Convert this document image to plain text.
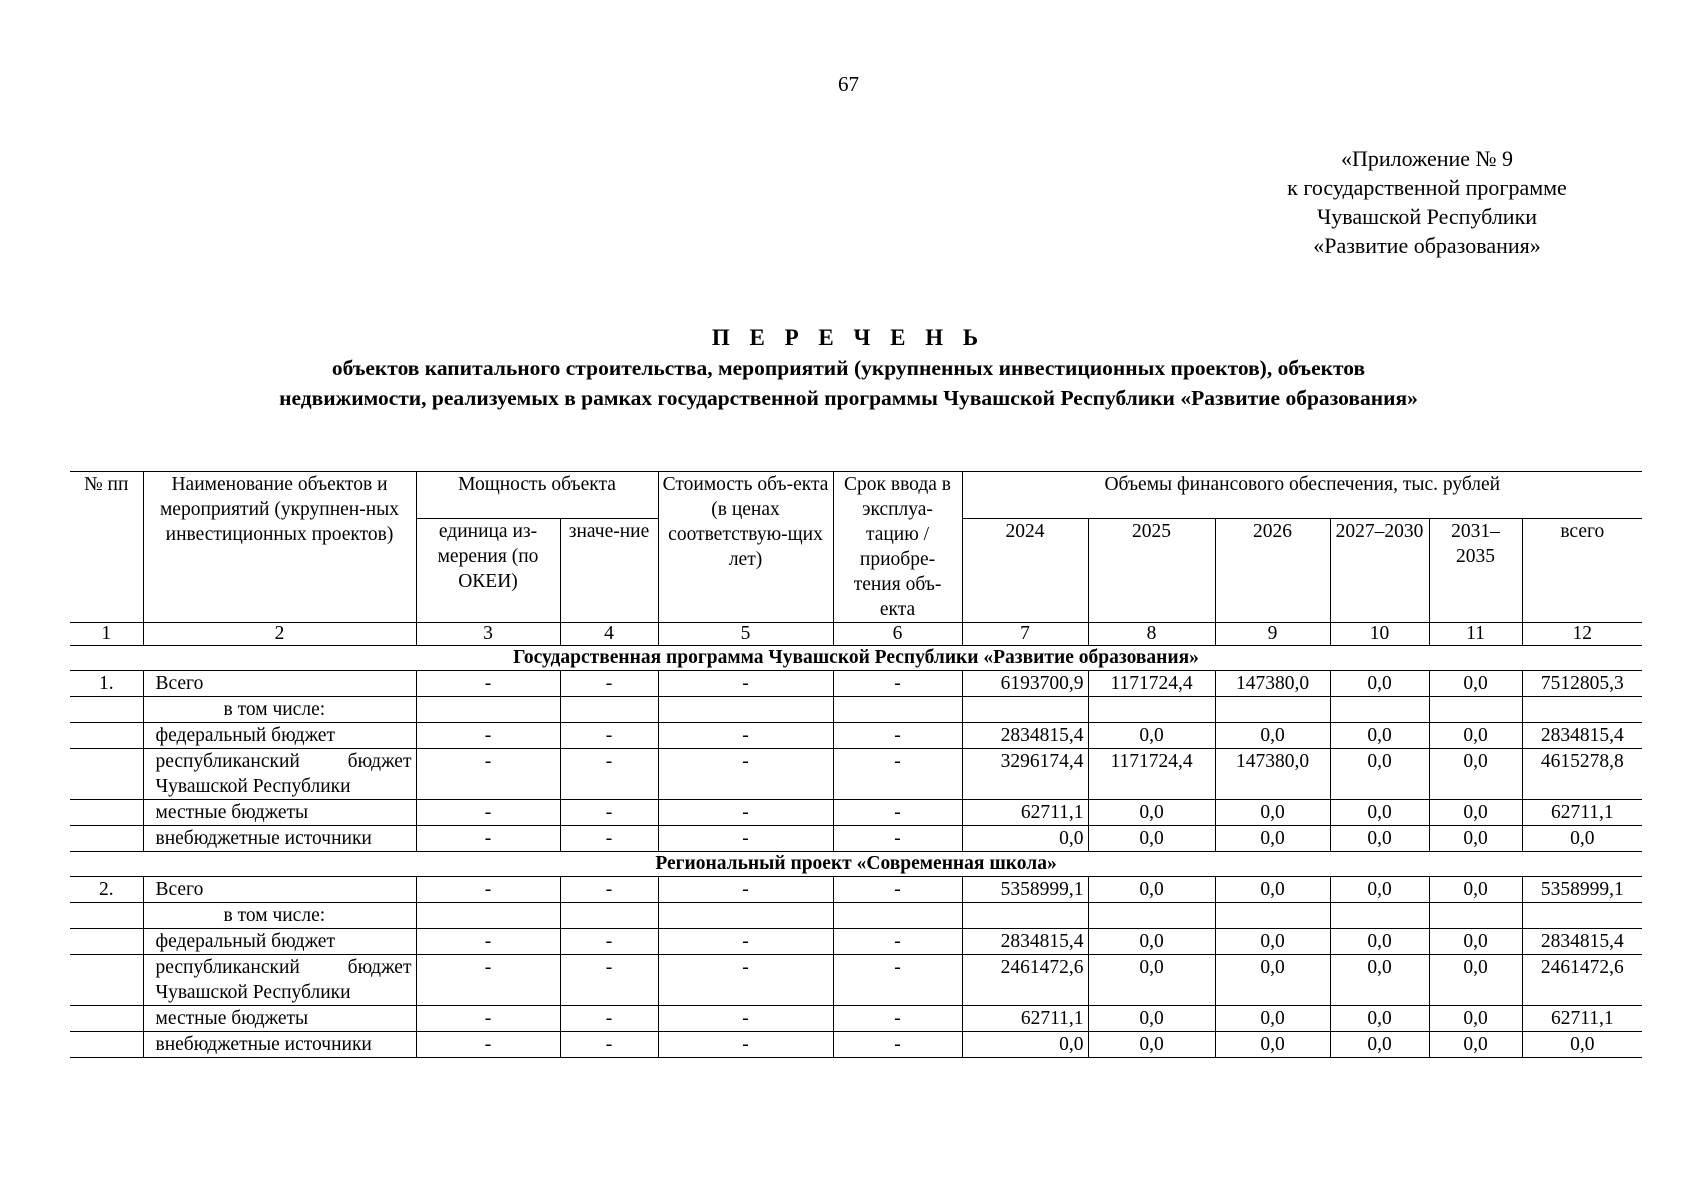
67
«Приложение № 9
к государственной программе
Чувашской Республики
«Развитие образования»
П Е Р Е Ч Е Н Ь
объектов капитального строительства, мероприятий (укрупненных инвестиционных проектов), объектов
недвижимости, реализуемых в рамках государственной программы Чувашской Республики «Развитие образования»
№ пп	Наименование объектов и мероприятий (укрупнен-ных инвестиционных проектов)	Мощность объекта		Стоимость объ-екта (в ценах соответствую-щих лет)	Срок ввода в эксплуа-тацию / приобре-тения объ-екта	Объемы финансового обеспечения, тыс. рублей					
		единица из-мерения (по ОКЕИ)	значе-ние			2024	2025	2026	2027–2030	2031–2035	всего
1	2	3	4	5	6	7	8	9	10	11	12
Государственная программа Чувашской Республики «Развитие образования»											
1.	Всего	-	-	-	-	6193700,9	1171724,4	147380,0	0,0	0,0	7512805,3
	в том числе:										
	федеральный бюджет	-	-	-	-	2834815,4	0,0	0,0	0,0	0,0	2834815,4
	республиканский бюджет Чувашской Республики	-	-	-	-	3296174,4	1171724,4	147380,0	0,0	0,0	4615278,8
	местные бюджеты	-	-	-	-	62711,1	0,0	0,0	0,0	0,0	62711,1
	внебюджетные источники	-	-	-	-	0,0	0,0	0,0	0,0	0,0	0,0
Региональный проект «Современная школа»											
2.	Всего	-	-	-	-	5358999,1	0,0	0,0	0,0	0,0	5358999,1
	в том числе:										
	федеральный бюджет	-	-	-	-	2834815,4	0,0	0,0	0,0	0,0	2834815,4
	республиканский бюджет Чувашской Республики	-	-	-	-	2461472,6	0,0	0,0	0,0	0,0	2461472,6
	местные бюджеты	-	-	-	-	62711,1	0,0	0,0	0,0	0,0	62711,1
	внебюджетные источники	-	-	-	-	0,0	0,0	0,0	0,0	0,0	0,0
